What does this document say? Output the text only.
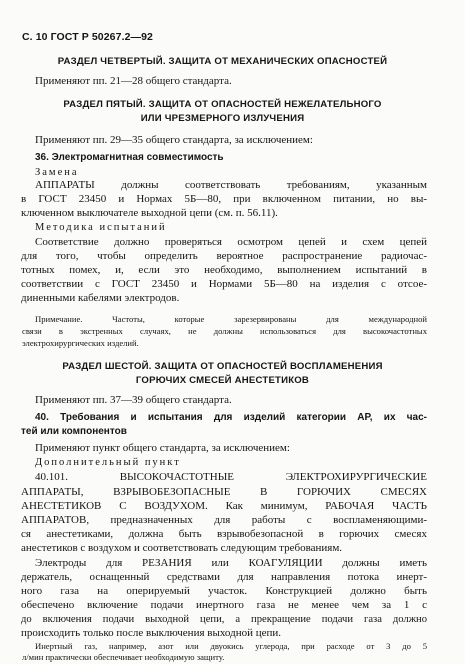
С. 10 ГОСТ Р 50267.2—92
РАЗДЕЛ ЧЕТВЕРТЫЙ. ЗАЩИТА ОТ МЕХАНИЧЕСКИХ ОПАСНОСТЕЙ
Применяют пп. 21—28 общего стандарта.
РАЗДЕЛ ПЯТЫЙ. ЗАЩИТА ОТ ОПАСНОСТЕЙ НЕЖЕЛАТЕЛЬНОГО
ИЛИ ЧРЕЗМЕРНОГО ИЗЛУЧЕНИЯ
Применяют пп. 29—35 общего стандарта, за исключением:
36. Электромагнитная совместимость
Замена
АППАРАТЫ должны соответствовать требованиям, указанным
в ГОСТ 23450 и Нормах 5Б—80, при включенном питании, но вы-
ключенном выключателе выходной цепи (см. п. 56.11).
Методика испытаний
Соответствие должно проверяться осмотром цепей и схем цепей
для того, чтобы определить вероятное распространение радиочас-
тотных помех, и, если это необходимо, выполнением испытаний в
соответствии с ГОСТ 23450 и Нормами 5Б—80 на изделия с отсое-
диненными кабелями электродов.
Примечание. Частоты, которые зарезервированы для международной
связи в экстренных случаях, не должны использоваться для высокочастотных
электрохирургических изделий.
РАЗДЕЛ ШЕСТОЙ. ЗАЩИТА ОТ ОПАСНОСТЕЙ ВОСПЛАМЕНЕНИЯ
ГОРЮЧИХ СМЕСЕЙ АНЕСТЕТИКОВ
Применяют пп. 37—39 общего стандарта.
40. Требования и испытания для изделий категории АР, их час-
тей или компонентов
Применяют пункт общего стандарта, за исключением:
Дополнительный пункт
40.101. ВЫСОКОЧАСТОТНЫЕ ЭЛЕКТРОХИРУРГИЧЕСКИЕ
АППАРАТЫ, ВЗРЫВОБЕЗОПАСНЫЕ В ГОРЮЧИХ СМЕСЯХ
АНЕСТЕТИКОВ С ВОЗДУХОМ. Как минимум, РАБОЧАЯ ЧАСТЬ
АППАРАТОВ, предназначенных для работы с воспламеняющими-
ся анестетиками, должна быть взрывобезопасной в горючих смесях
анестетиков с воздухом и соответствовать следующим требованиям.
Электроды для РЕЗАНИЯ или КОАГУЛЯЦИИ должны иметь
держатель, оснащенный средствами для направления потока инерт-
ного газа на оперируемый участок. Конструкцией должно быть
обеспечено включение подачи инертного газа не менее чем за 1 с
до включения подачи выходной цепи, а прекращение подачи газа должно
происходить только после выключения выходной цепи.
Инертный газ, например, азот или двуокись углерода, при расходе от 3 до 5
л/мин практически обеспечивает необходимую защиту.
